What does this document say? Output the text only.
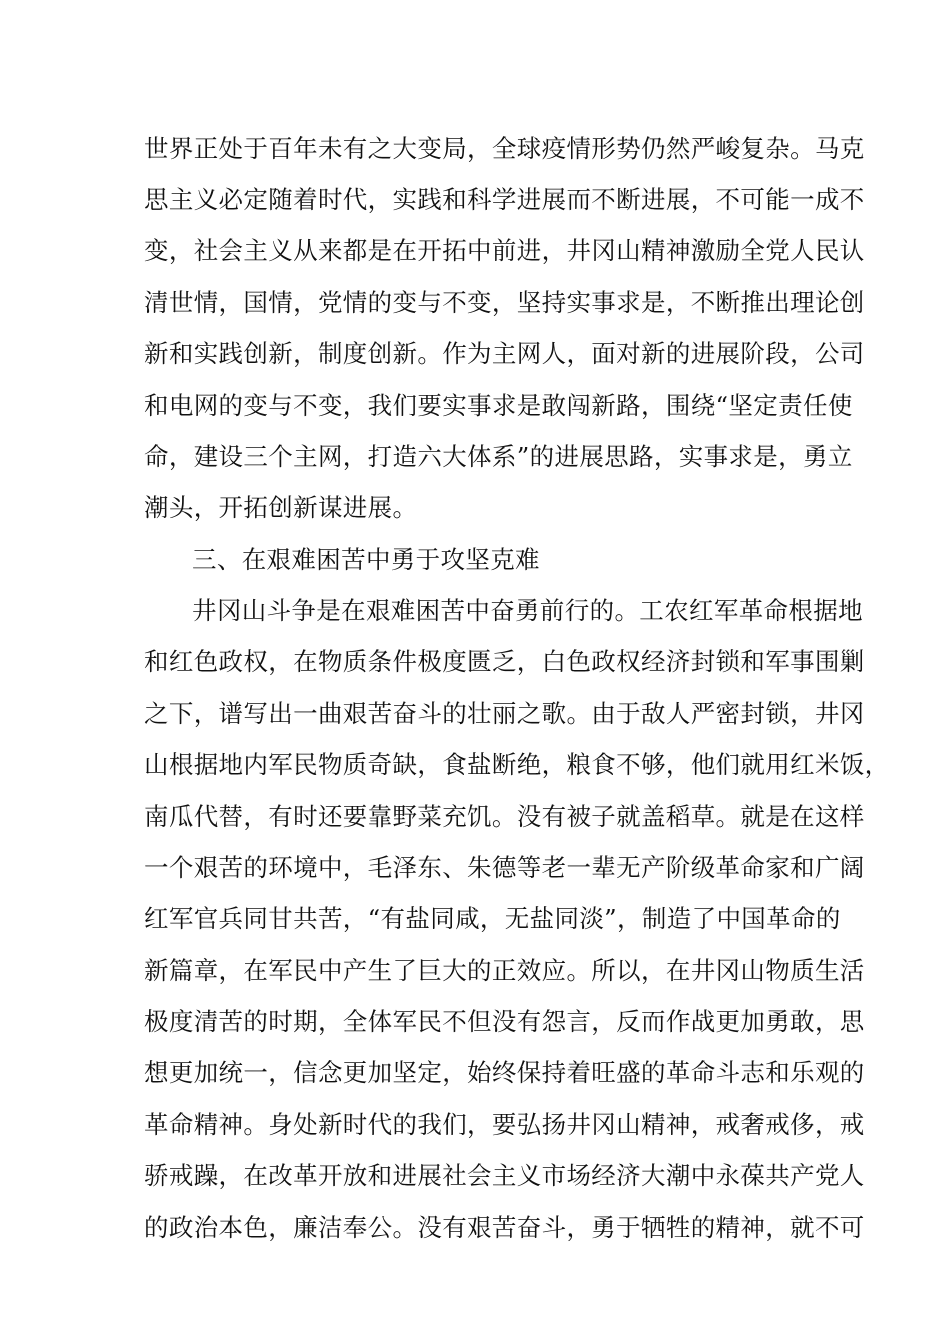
世界正处于百年未有之大变局，全球疫情形势仍然严峻复杂。马克
思主义必定随着时代，实践和科学进展而不断进展，不可能一成不
变，社会主义从来都是在开拓中前进，井冈山精神激励全党人民认
清世情，国情，党情的变与不变，坚持实事求是，不断推出理论创
新和实践创新，制度创新。作为主网人，面对新的进展阶段，公司
和电网的变与不变，我们要实事求是敢闯新路，围绕“坚定责任使
命，建设三个主网，打造六大体系”的进展思路，实事求是，勇立
潮头，开拓创新谋进展。
三、在艰难困苦中勇于攻坚克难
井冈山斗争是在艰难困苦中奋勇前行的。工农红军革命根据地
和红色政权，在物质条件极度匮乏，白色政权经济封锁和军事围剿
之下，谱写出一曲艰苦奋斗的壮丽之歌。由于敌人严密封锁，井冈
山根据地内军民物质奇缺，食盐断绝，粮食不够，他们就用红米饭，
南瓜代替，有时还要靠野菜充饥。没有被子就盖稻草。就是在这样
一个艰苦的环境中，毛泽东、朱德等老一辈无产阶级革命家和广阔
红军官兵同甘共苦，“有盐同咸，无盐同淡”，制造了中国革命的
新篇章，在军民中产生了巨大的正效应。所以，在井冈山物质生活
极度清苦的时期，全体军民不但没有怨言，反而作战更加勇敢，思
想更加统一，信念更加坚定，始终保持着旺盛的革命斗志和乐观的
革命精神。身处新时代的我们，要弘扬井冈山精神，戒奢戒侈，戒
骄戒躁，在改革开放和进展社会主义市场经济大潮中永葆共产党人
的政治本色，廉洁奉公。没有艰苦奋斗，勇于牺牲的精神，就不可
